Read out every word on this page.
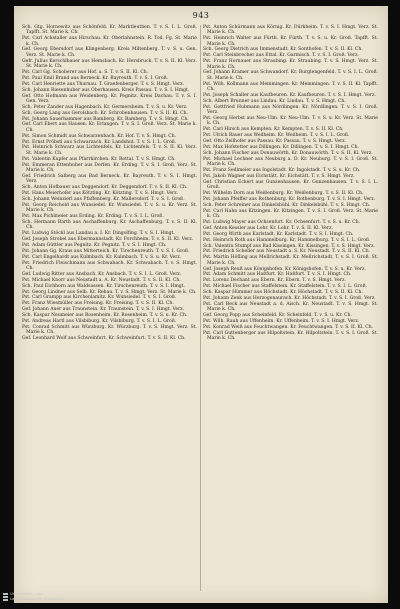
943

Sch. Gtg. Hornewitz aus Schönfeld. Kr. Marktleuthen. T. v. S. I. L. Groß. Tapfft. St. Marie k. Ch.

Pst. Carl Ackstaller aus Hirschau. Kr. Oberlahnstein. R. Tod. Fg. St. Marie k. Ch.

Gef. Georg Ebersdorf aus Klingenberg. Kreis Miltenberg. T. v. S. u. Gen. Verz. St. Marie k. Ch.

Gefr. Julius Kerschlbauer aus Hemsbach. Kr. Hersbruck. T. v. S. II. Kl. Verz. St. Marie k. Ch.

Pst. Carl Gg. Schoberer aus Hof. a. S. T. v. S. II. Kl. Ch.

Pst. Paul Emil Brand aus Berneck. Kr. Bayreuth. T. v. S. I. Groß.

Pst. Carl Henriette aus Thurnau. T. Graefenberger. T. v. S. Hmgt. Verz.

Sch. Johann Riesenhuber aus Oberhausen. Kreis Passau. T. v. S. I. Hmgt.

Gef. Otto Hofmann aus Weidenberg. Kr. Pegnitz. Kreis Dachau. T. v. S. I. Gen. Verz.

Sch. Peter Zander aus Hagenbach. Kr. Germersheim. T. v. S. u. Kr. Verz.

Sch. Georg Lang aus Gerolsbach. Kr. Schrobenhausen. T. v. S. II. Kl. Ch.

Pst. Johann Sauerhammer aus Bamberg. Kr. Bamberg. T. v. S. Hmgt. Ch.

Gef. Carl Ebert aus Hausen. Kr. Erlangen. T. v. S. I. Groß. Verz. St. Marie k. Ch.

Pst. Simon Schmidt aus Schwarzenbach. Kr. Hof. T. v. S. Hmgt. Ch.

Pst. Ernst Pröbstl aus Schwarzach. Kr. Landshut. T. v. S. I. L. Groß.

Pst. Heinrich Schwarz aus Lichtenfels. Kr. Lichtenfels. T. v. S. II. Kl. Verz. St. Marie k. Ch.

Pst. Valentin Kupfer aus Pfarrkirchen. Kr. Rottal. T. v. S. Hmgt. Ch.

Pst. Emmeran Ettenhuber aus Dorfen. Kr. Erding. T. v. S. I. Groß. Verz. St. Marie k. Ch.

Gef. Friedrich Salberg aus Bad Berneck. Kr. Bayreuth. T. v. S. I. Hmgt. Verz.

Sch. Anton Hofbauer aus Deggendorf. Kr. Deggendorf. T. v. S. II. Kl. Ch.

Pst. Hans Meierhofer aus Kötzting. Kr. Kötzting. T. v. S. Hmgt. Verz.

Sch. Johann Weinzierl aus Pfaffenberg. Kr. Mallersdorf. T. v. S. I. Groß.

Pst. Georg Reichold aus Wunsiedel. Kr. Wunsiedel. T. v. S. u. Kr. Verz. St. Marie k. Ch.

Pst. Max Pichlmeier aus Erding. Kr. Erding. T. v. S. I. L. Groß.

Sch. Hermann Barth aus Aschaffenburg. Kr. Aschaffenburg. T. v. S. II. Kl. Ch.

Pst. Ludwig Stöckl aus Landau a. I. Kr. Dingolfing. T. v. S. I. Hmgt.

Gef. Joseph Strobel aus Ebermannstadt. Kr. Forchheim. T. v. S. II. Kl. Verz.

Pst. Adam Güttler aus Pegnitz. Kr. Pegnitz. T. v. S. I. Hmgt. Ch.

Pst. Johann Gg. Kraus aus Mitterteich. Kr. Tirschenreuth. T. v. S. I. Groß.

Pst. Carl Engelhardt aus Kulmbach. Kr. Kulmbach. T. v. S. u. Kr. Verz.

Pst. Friedrich Fleischmann aus Schwabach. Kr. Schwabach. T. v. S. Hmgt. Ch.

Gef. Ludwig Ritter aus Ansbach. Kr. Ansbach. T. v. S. I. L. Groß. Verz.

Pst. Michael Knorr aus Neustadt a. A. Kr. Neustadt. T. v. S. II. Kl. Ch.

Sch. Paul Eichhorn aus Waldsassen. Kr. Tirschenreuth. T. v. S. I. Hmgt.

Pst. Georg Lindner aus Selb. Kr. Rehau. T. v. S. Hmgt. Verz. St. Marie k. Ch.

Pst. Carl Grampp aus Kirchenlamitz. Kr. Wunsiedel. T. v. S. I. Groß.

Pst. Franz Wiesmüller aus Freising. Kr. Freising. T. v. S. II. Kl. Ch.

Gef. Johann Auer aus Traunstein. Kr. Traunstein. T. v. S. I. Hmgt. Verz.

Sch. Kaspar Neumeier aus Rosenheim. Kr. Rosenheim. T. v. S. u. Kr. Ch.

Pst. Andreas Hartl aus Vilsbiburg. Kr. Vilsbiburg. T. v. S. I. L. Groß.

Pst. Conrad Schmitt aus Würzburg. Kr. Würzburg. T. v. S. Hmgt. Verz. St. Marie k. Ch.

Gef. Leonhard Wolf aus Schweinfurt. Kr. Schweinfurt. T. v. S. II. Kl. Ch.

Pst. Anton Schürmann aus Körnig. Kr. Dürkheim. T. v. S. I. Hmgt. Verz. St. Marie k. Ch.

Pst. Heinrich Walter aus Fürth. Kr. Fürth. T. v. S. u. Kr. Groß. Tapfft. St. Marie k. Ch.

Sch. Georg Dietrich aus Immenstadt. Kr. Sonthofen. T. v. S. II. Kl. Ch.

Pst. Carl Steinbrecher aus Ettal. Kr. Garmisch. T. v. S. I. Groß. Verz.

Pst. Franz Hornauer aus Straubing. Kr. Straubing. T. v. S. Hmgt. Verz. St. Marie k. Ch.

Gef. Johann Kramer aus Schwandorf. Kr. Burglengenfeld. T. v. S. I. L. Groß. St. Marie k. Ch.

Pst. Wilh. Kollmann aus Memmingen. Kr. Memmingen. T. v. S. II. Kl. Tapfft. Ch.

Pst. Joseph Schaller aus Kaufbeuren. Kr. Kaufbeuren. T. v. S. I. Hmgt. Verz.

Sch. Albert Brunner aus Lindau. Kr. Lindau. T. v. S. Hmgt. Ch.

Pst. Gottfried Hubmann aus Nördlingen. Kr. Nördlingen. T. v. S. I. Groß. Verz.

Pst. Georg Herbst aus Neu-Ulm. Kr. Neu-Ulm. T. v. S. u. Kr. Verz. St. Marie k. Ch.

Pst. Carl Hirsch aus Kempten. Kr. Kempten. T. v. S. II. Kl. Ch.

Pst. Ulrich Bauer aus Weilheim. Kr. Weilheim. T. v. S. I. L. Groß.

Gef. Otto Zeilhofer aus Passau. Kr. Passau. T. v. S. Hmgt. Verz.

Pst. Max Hofstetter aus Dillingen. Kr. Dillingen. T. v. S. I. Hmgt. Ch.

Sch. Johann Fischer aus Donauwörth. Kr. Donauwörth. T. v. S. II. Kl. Verz.

Pst. Michael Lechner aus Neuburg a. D. Kr. Neuburg. T. v. S. I. Groß. St. Marie k. Ch.

Pst. Franz Sedlmeier aus Ingolstadt. Kr. Ingolstadt. T. v. S. u. Kr. Ch.

Pst. Jakob Wagner aus Eichstätt. Kr. Eichstätt. T. v. S. Hmgt. Verz.

Gef. Christian Eckert aus Gunzenhausen. Kr. Gunzenhausen. T. v. S. I. L. Groß.

Pst. Wilhelm Dorn aus Weißenburg. Kr. Weißenburg. T. v. S. II. Kl. Ch.

Pst. Johann Pfeiffer aus Rothenburg. Kr. Rothenburg. T. v. S. I. Hmgt. Verz.

Sch. Peter Schreiner aus Dinkelsbühl. Kr. Dinkelsbühl. T. v. S. Hmgt. Ch.

Pst. Carl Hahn aus Kitzingen. Kr. Kitzingen. T. v. S. I. Groß. Verz. St. Marie k. Ch.

Pst. Ludwig Mayer aus Ochsenfurt. Kr. Ochsenfurt. T. v. S. u. Kr. Ch.

Gef. Anton Kessler aus Lohr. Kr. Lohr. T. v. S. II. Kl. Verz.

Pst. Georg Wirth aus Karlstadt. Kr. Karlstadt. T. v. S. I. Hmgt. Ch.

Pst. Heinrich Roth aus Hammelburg. Kr. Hammelburg. T. v. S. I. L. Groß.

Sch. Valentin Stumpf aus Bad Kissingen. Kr. Kissingen. T. v. S. Hmgt. Verz.

Pst. Friedrich Scheller aus Neustadt a. S. Kr. Neustadt. T. v. S. II. Kl. Ch.

Pst. Martin Höfling aus Mellrichstadt. Kr. Mellrichstadt. T. v. S. I. Groß. St. Marie k. Ch.

Gef. Joseph Reuß aus Königshofen. Kr. Königshofen. T. v. S. u. Kr. Verz.

Pst. Adam Schmitt aus Haßfurt. Kr. Haßfurt. T. v. S. I. Hmgt. Ch.

Pst. Lorenz Dechant aus Ebern. Kr. Ebern. T. v. S. Hmgt. Verz.

Pst. Michael Fischer aus Staffelstein. Kr. Staffelstein. T. v. S. I. L. Groß.

Sch. Kaspar Hümmer aus Höchstadt. Kr. Höchstadt. T. v. S. II. Kl. Ch.

Pst. Johann Zenk aus Herzogenaurach. Kr. Höchstadt. T. v. S. I. Groß. Verz.

Pst. Carl Beck aus Neustadt a. d. Aisch. Kr. Neustadt. T. v. S. Hmgt. St. Marie k. Ch.

Gef. Georg Popp aus Scheinfeld. Kr. Scheinfeld. T. v. S. u. Kr. Ch.

Pst. Wilh. Rauh aus Uffenheim. Kr. Uffenheim. T. v. S. I. Hmgt. Verz.

Pst. Konrad Weiß aus Feuchtwangen. Kr. Feuchtwangen. T. v. S. II. Kl. Ch.

Pst. Carl Guttenberger aus Hilpoltstein. Kr. Hilpoltstein. T. v. S. I. Groß. St. Marie k. Ch.

Universitäts- und
Landesbibliothek Düsseldorf
